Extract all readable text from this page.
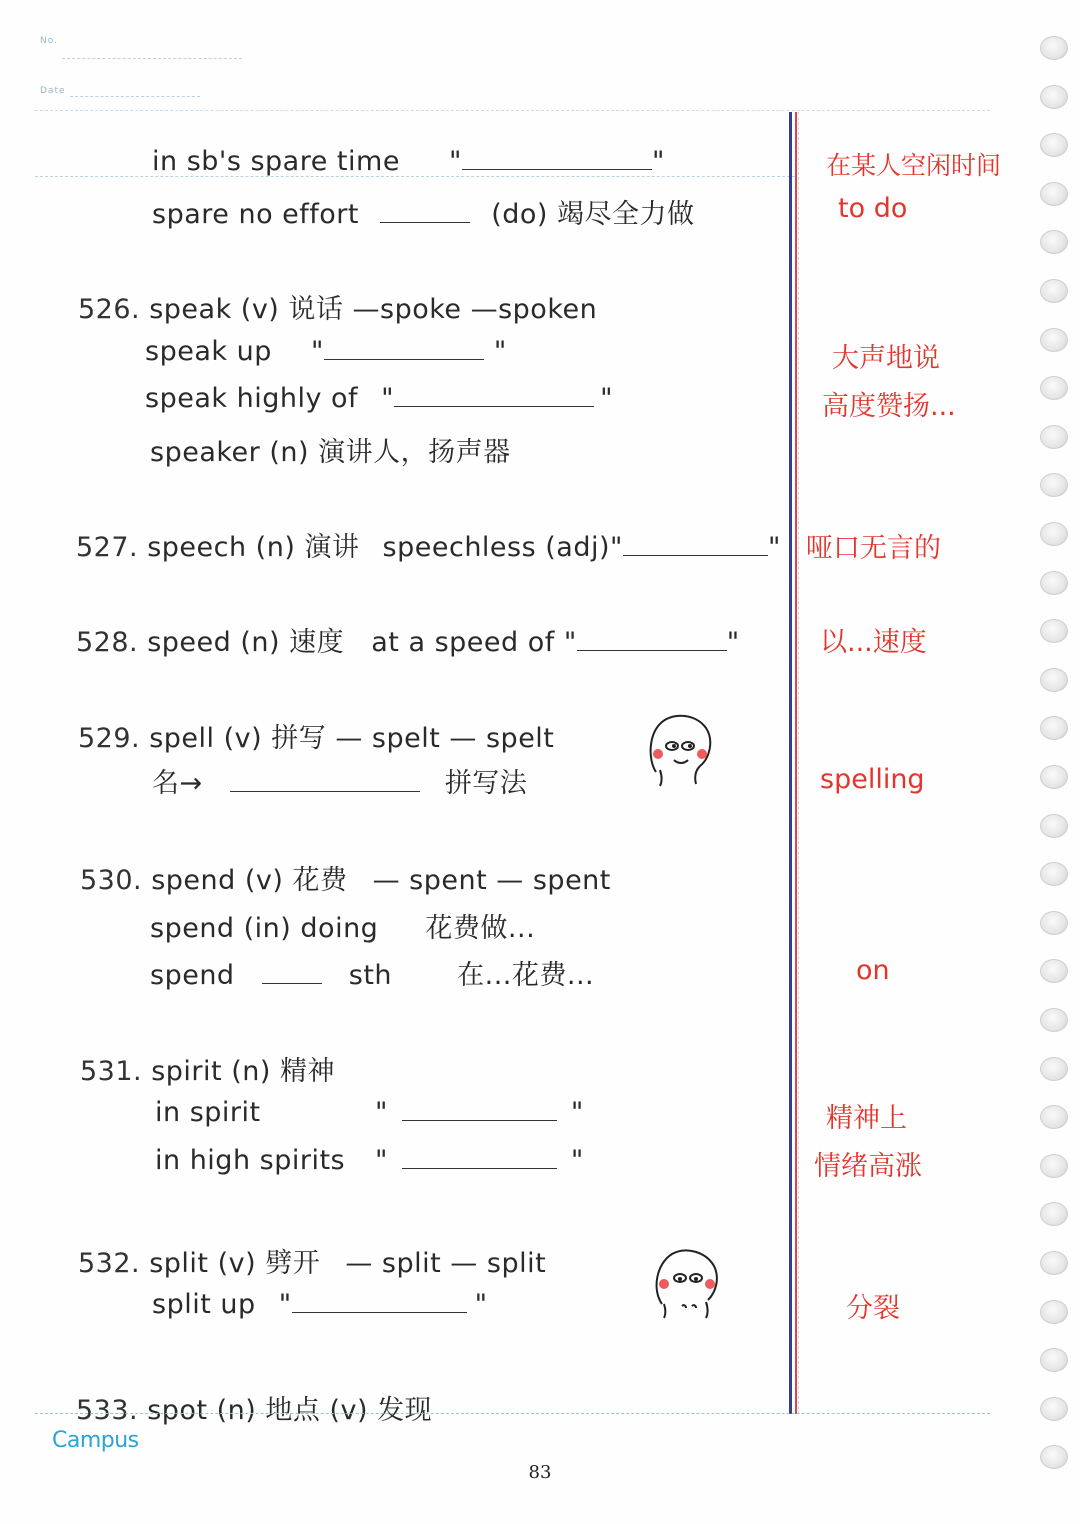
No.
Date
in sb's spare time "	"
spare no effort	(do) 竭尽全力做
526. speak (v) 说话 —spoke —spoken
speak up "	"
speak highly of "	"
speaker (n) 演讲人，扬声器
527. speech (n) 演讲 speechless (adj)"	"
528. speed (n) 速度 at a speed of "	"
529. spell (v) 拼写 — spelt — spelt
名→	拼写法
530. spend (v) 花费 — spent — spent
spend (in) doing 花费做...
spend	sth 在...花费...
531. spirit (n) 精神
in spirit	"	"
in high spirits "	"
532. split (v) 劈开 — split — split
split up "	"
533. spot (n) 地点 (v) 发现
在某人空闲时间
to do
大声地说
高度赞扬...
哑口无言的
以...速度
spelling
on
精神上
情绪高涨
分裂
Campus
83
